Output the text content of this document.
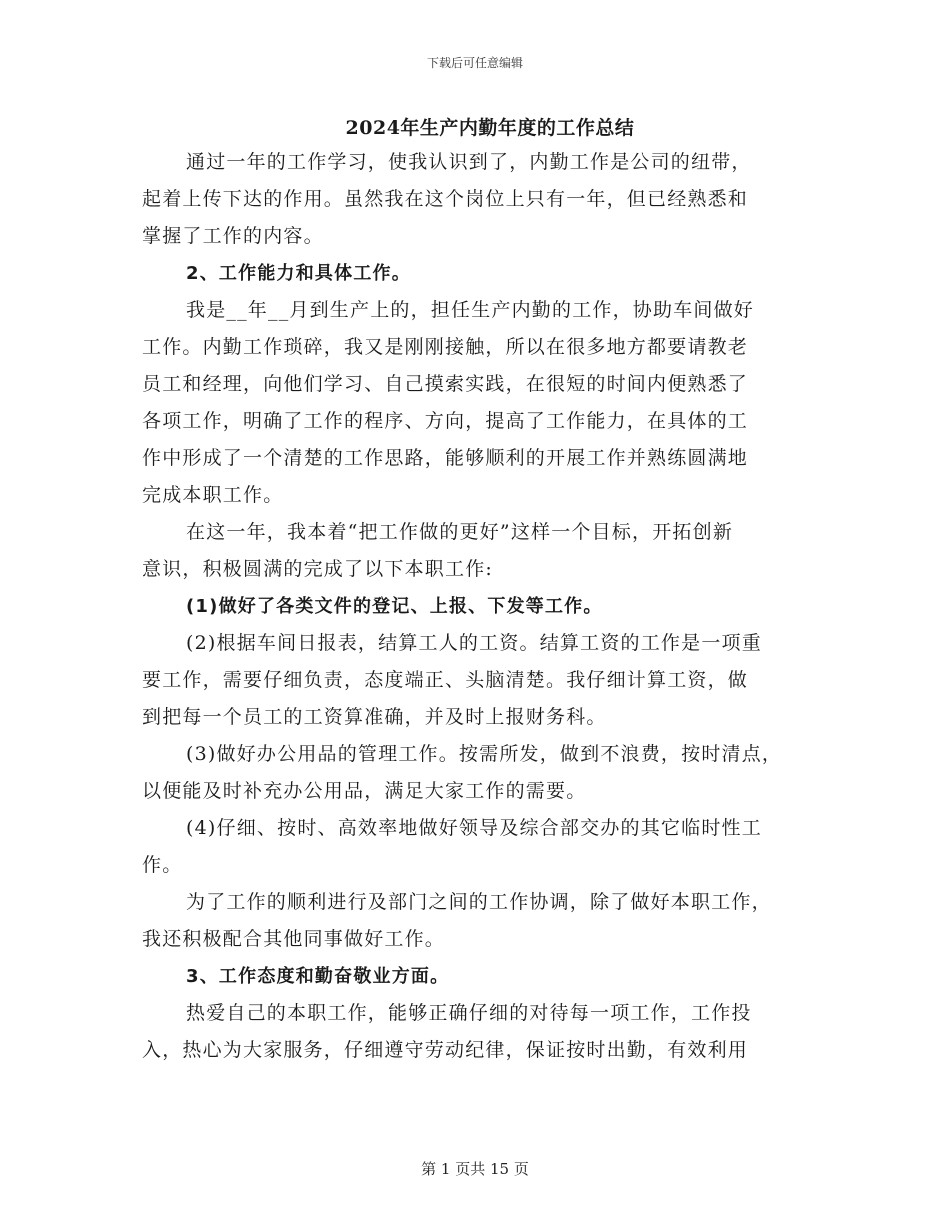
下载后可任意编辑
2024年生产内勤年度的工作总结
通过一年的工作学习，使我认识到了，内勤工作是公司的纽带，
起着上传下达的作用。虽然我在这个岗位上只有一年，但已经熟悉和
掌握了工作的内容。
2、工作能力和具体工作。
我是__年__月到生产上的，担任生产内勤的工作，协助车间做好
工作。内勤工作琐碎，我又是刚刚接触，所以在很多地方都要请教老
员工和经理，向他们学习、自己摸索实践，在很短的时间内便熟悉了
各项工作，明确了工作的程序、方向，提高了工作能力，在具体的工
作中形成了一个清楚的工作思路，能够顺利的开展工作并熟练圆满地
完成本职工作。
在这一年，我本着“把工作做的更好”这样一个目标，开拓创新
意识，积极圆满的完成了以下本职工作:
(1)做好了各类文件的登记、上报、下发等工作。
(2)根据车间日报表，结算工人的工资。结算工资的工作是一项重
要工作，需要仔细负责，态度端正、头脑清楚。我仔细计算工资，做
到把每一个员工的工资算准确，并及时上报财务科。
(3)做好办公用品的管理工作。按需所发，做到不浪费，按时清点，
以便能及时补充办公用品，满足大家工作的需要。
(4)仔细、按时、高效率地做好领导及综合部交办的其它临时性工
作。
为了工作的顺利进行及部门之间的工作协调，除了做好本职工作，
我还积极配合其他同事做好工作。
3、工作态度和勤奋敬业方面。
热爱自己的本职工作，能够正确仔细的对待每一项工作，工作投
入，热心为大家服务，仔细遵守劳动纪律，保证按时出勤，有效利用
第 1 页共 15 页
